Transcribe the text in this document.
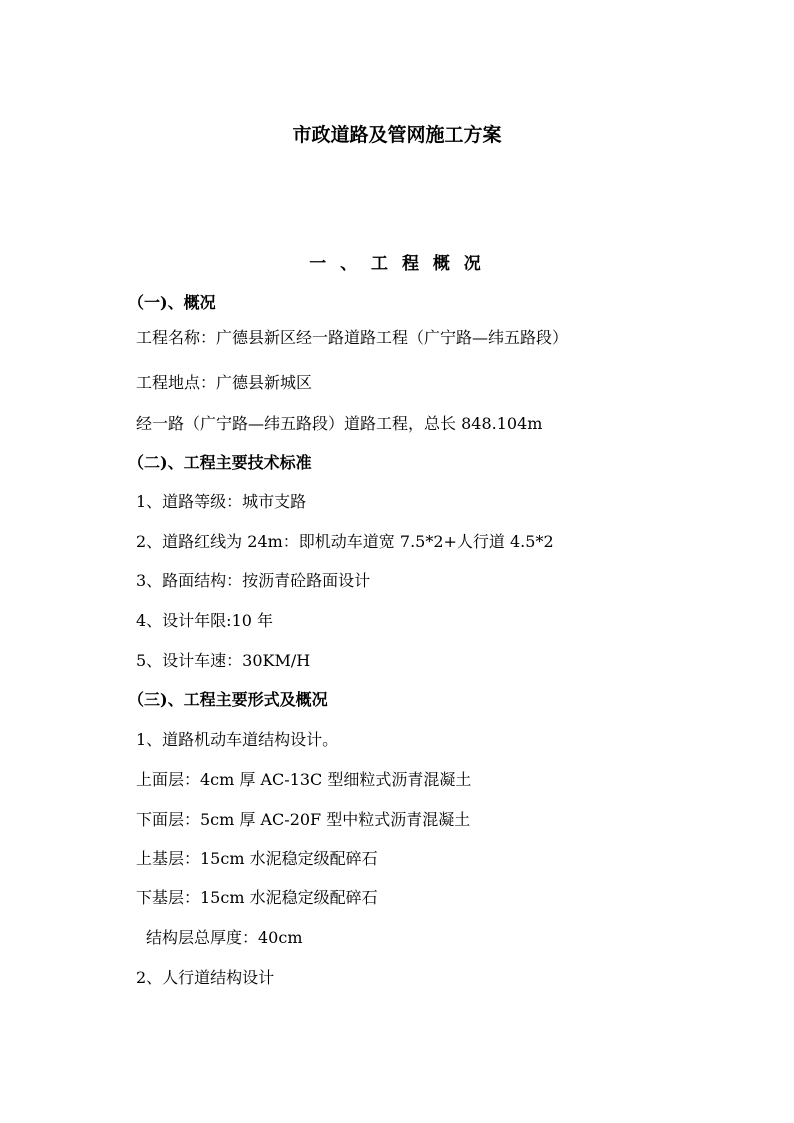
市政道路及管网施工方案
一 、 工 程 概 况
（一)、概况
工程名称：广德县新区经一路道路工程（广宁路—纬五路段）
工程地点：广德县新城区
经一路（广宁路—纬五路段）道路工程，总长 848.104m
（二)、工程主要技术标准
1、道路等级：城市支路
2、道路红线为 24m：即机动车道宽 7.5*2+人行道 4.5*2
3、路面结构：按沥青砼路面设计
4、设计年限:10 年
5、设计车速：30KM/H
（三)、工程主要形式及概况
1、道路机动车道结构设计。
上面层：4cm 厚 AC-13C 型细粒式沥青混凝土
下面层：5cm 厚 AC-20F 型中粒式沥青混凝土
上基层：15cm 水泥稳定级配碎石
下基层：15cm 水泥稳定级配碎石
结构层总厚度：40cm
2、人行道结构设计
